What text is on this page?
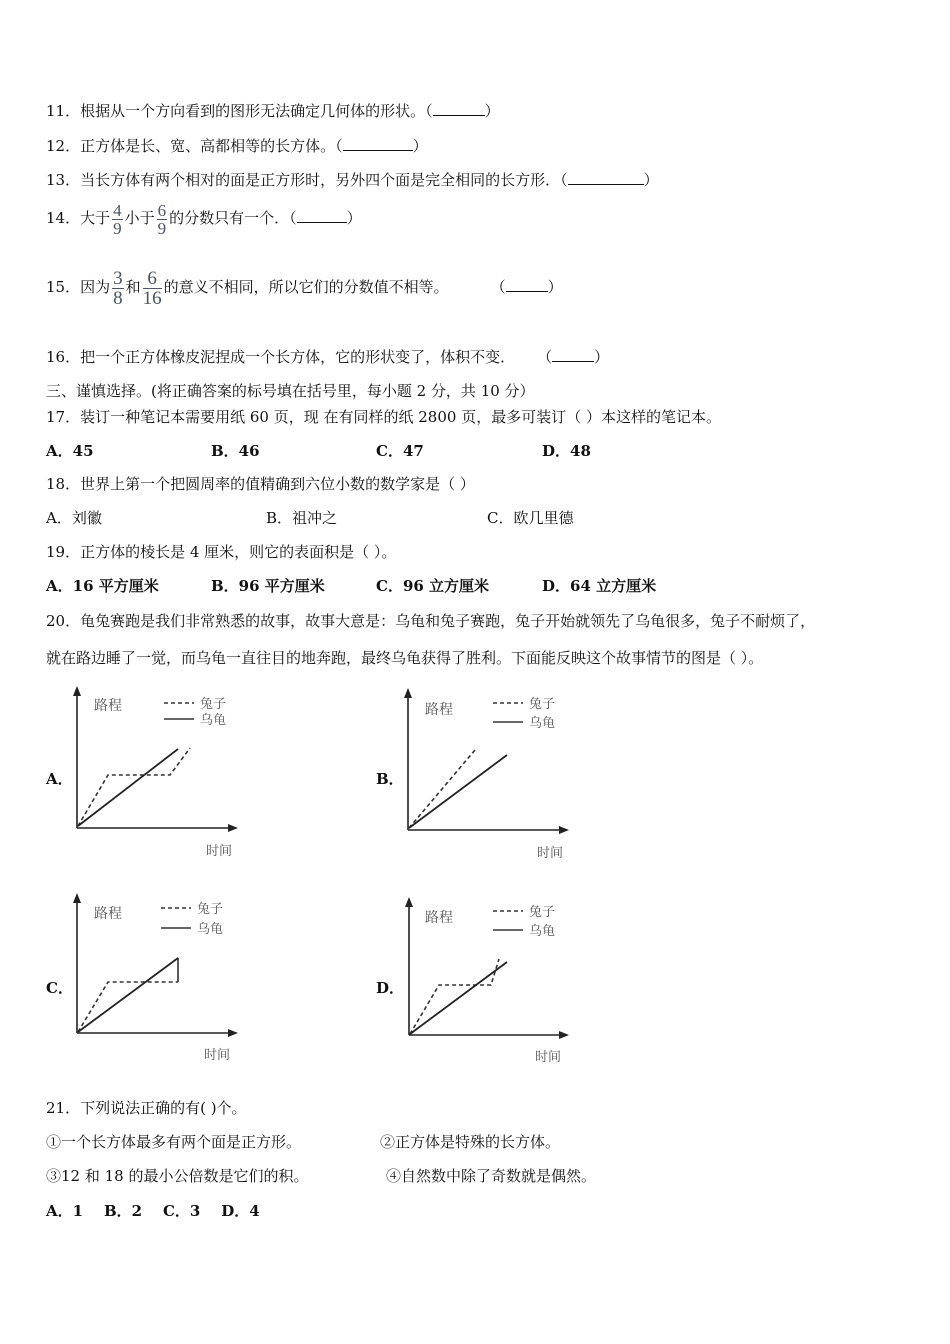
11．根据从一个方向看到的图形无法确定几何体的形状。（	）
12．正方体是长、宽、高都相等的长方体。（	）
13．当长方体有两个相对的面是正方形时，另外四个面是完全相同的长方形．（	）
14．大于 $\frac{4}{9}$ 小于 $\frac{6}{9}$ 的分数只有一个．（	）
15．因为 $\frac{3}{8}$ 和 $\frac{6}{16}$ 的意义不相同，所以它们的分数值不相等。	（	）
16．把一个正方体橡皮泥捏成一个长方体，它的形状变了，体积不变． （	）
三、谨慎选择。(将正确答案的标号填在括号里，每小题 2 分，共 10 分）
17．装订一种笔记本需要用纸 60 页，现 在有同样的纸 2800 页，最多可装订（ ）本这样的笔记本。
A．45	B．46	C．47	D．48
18．世界上第一个把圆周率的值精确到六位小数的数学家是（ ）
A．刘徽	B．祖冲之	C．欧几里德
19．正方体的棱长是 4 厘米，则它的表面积是（ ）。
A．16 平方厘米	B．96 平方厘米	C．96 立方厘米	D．64 立方厘米
20．龟兔赛跑是我们非常熟悉的故事，故事大意是：乌龟和兔子赛跑，兔子开始就领先了乌龟很多，兔子不耐烦了，
就在路边睡了一觉，而乌龟一直往目的地奔跑，最终乌龟获得了胜利。下面能反映这个故事情节的图是（ ）。
A．
路程
时间
兔子
乌龟
B．
路程
时间
兔子
乌龟
C．
路程
时间
兔子
乌龟
D．
路程
时间
兔子
乌龟
21．下列说法正确的有( )个。
①一个长方体最多有两个面是正方形。	②正方体是特殊的长方体。
③12 和 18 的最小公倍数是它们的积。	④自然数中除了奇数就是偶然。
A．1    B．2    C．3    D．4
